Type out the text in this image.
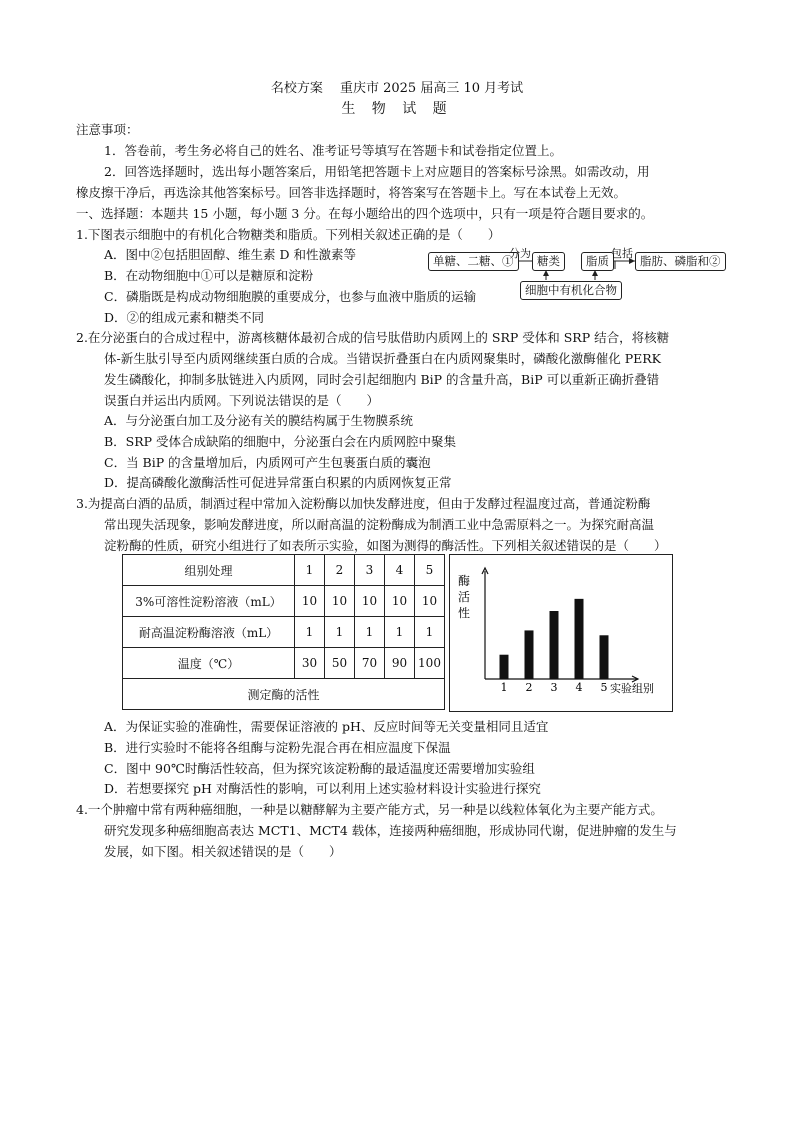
名校方案　 重庆市 2025 届高三 10 月考试
生 物 试 题
注意事项：
1．答卷前，考生务必将自己的姓名、准考证号等填写在答题卡和试卷指定位置上。
2．回答选择题时，选出每小题答案后，用铅笔把答题卡上对应题目的答案标号涂黑。如需改动，用
橡皮擦干净后，再选涂其他答案标号。回答非选择题时，将答案写在答题卡上。写在本试卷上无效。
一、选择题：本题共 15 小题，每小题 3 分。在每小题给出的四个选项中，只有一项是符合题目要求的。
1.下图表示细胞中的有机化合物糖类和脂质。下列相关叙述正确的是（　　）
A．图中②包括胆固醇、维生素 D 和性激素等
B．在动物细胞中①可以是糖原和淀粉
C．磷脂既是构成动物细胞膜的重要成分，也参与血液中脂质的运输
D．②的组成元素和糖类不同
单糖、二糖、①
分为
糖类	脂质
包括
脂肪、磷脂和②
细胞中有机化合物
2.在分泌蛋白的合成过程中，游离核糖体最初合成的信号肽借助内质网上的 SRP 受体和 SRP 结合，将核糖
体-新生肽引导至内质网继续蛋白质的合成。当错误折叠蛋白在内质网聚集时，磷酸化激酶催化 PERK
发生磷酸化，抑制多肽链进入内质网，同时会引起细胞内 BiP 的含量升高，BiP 可以重新正确折叠错
误蛋白并运出内质网。下列说法错误的是（　　）
A．与分泌蛋白加工及分泌有关的膜结构属于生物膜系统
B．SRP 受体合成缺陷的细胞中，分泌蛋白会在内质网腔中聚集
C．当 BiP 的含量增加后，内质网可产生包裹蛋白质的囊泡
D．提高磷酸化激酶活性可促进异常蛋白积累的内质网恢复正常
3.为提高白酒的品质，制酒过程中常加入淀粉酶以加快发酵进度，但由于发酵过程温度过高，普通淀粉酶
常出现失活现象，影响发酵进度，所以耐高温的淀粉酶成为制酒工业中急需原料之一。为探究耐高温
淀粉酶的性质，研究小组进行了如表所示实验，如图为测得的酶活性。下列相关叙述错误的是（　　）
组别处理	1	2	3	4	5
3%可溶性淀粉溶液（mL）	10	10	10	10	10
耐高温淀粉酶溶液（mL）	1	1	1	1	1
温度（℃）	30	50	70	90	100
测定酶的活性					
酶
活
性
实验组别
1 2 3 4 5
A．为保证实验的准确性，需要保证溶液的 pH、反应时间等无关变量相同且适宜
B．进行实验时不能将各组酶与淀粉先混合再在相应温度下保温
C．图中 90℃时酶活性较高，但为探究该淀粉酶的最适温度还需要增加实验组
D．若想要探究 pH 对酶活性的影响，可以利用上述实验材料设计实验进行探究
4.一个肿瘤中常有两种癌细胞，一种是以糖酵解为主要产能方式，另一种是以线粒体氧化为主要产能方式。
研究发现多种癌细胞高表达 MCT1、MCT4 载体，连接两种癌细胞，形成协同代谢，促进肿瘤的发生与
发展，如下图。相关叙述错误的是（　　）
